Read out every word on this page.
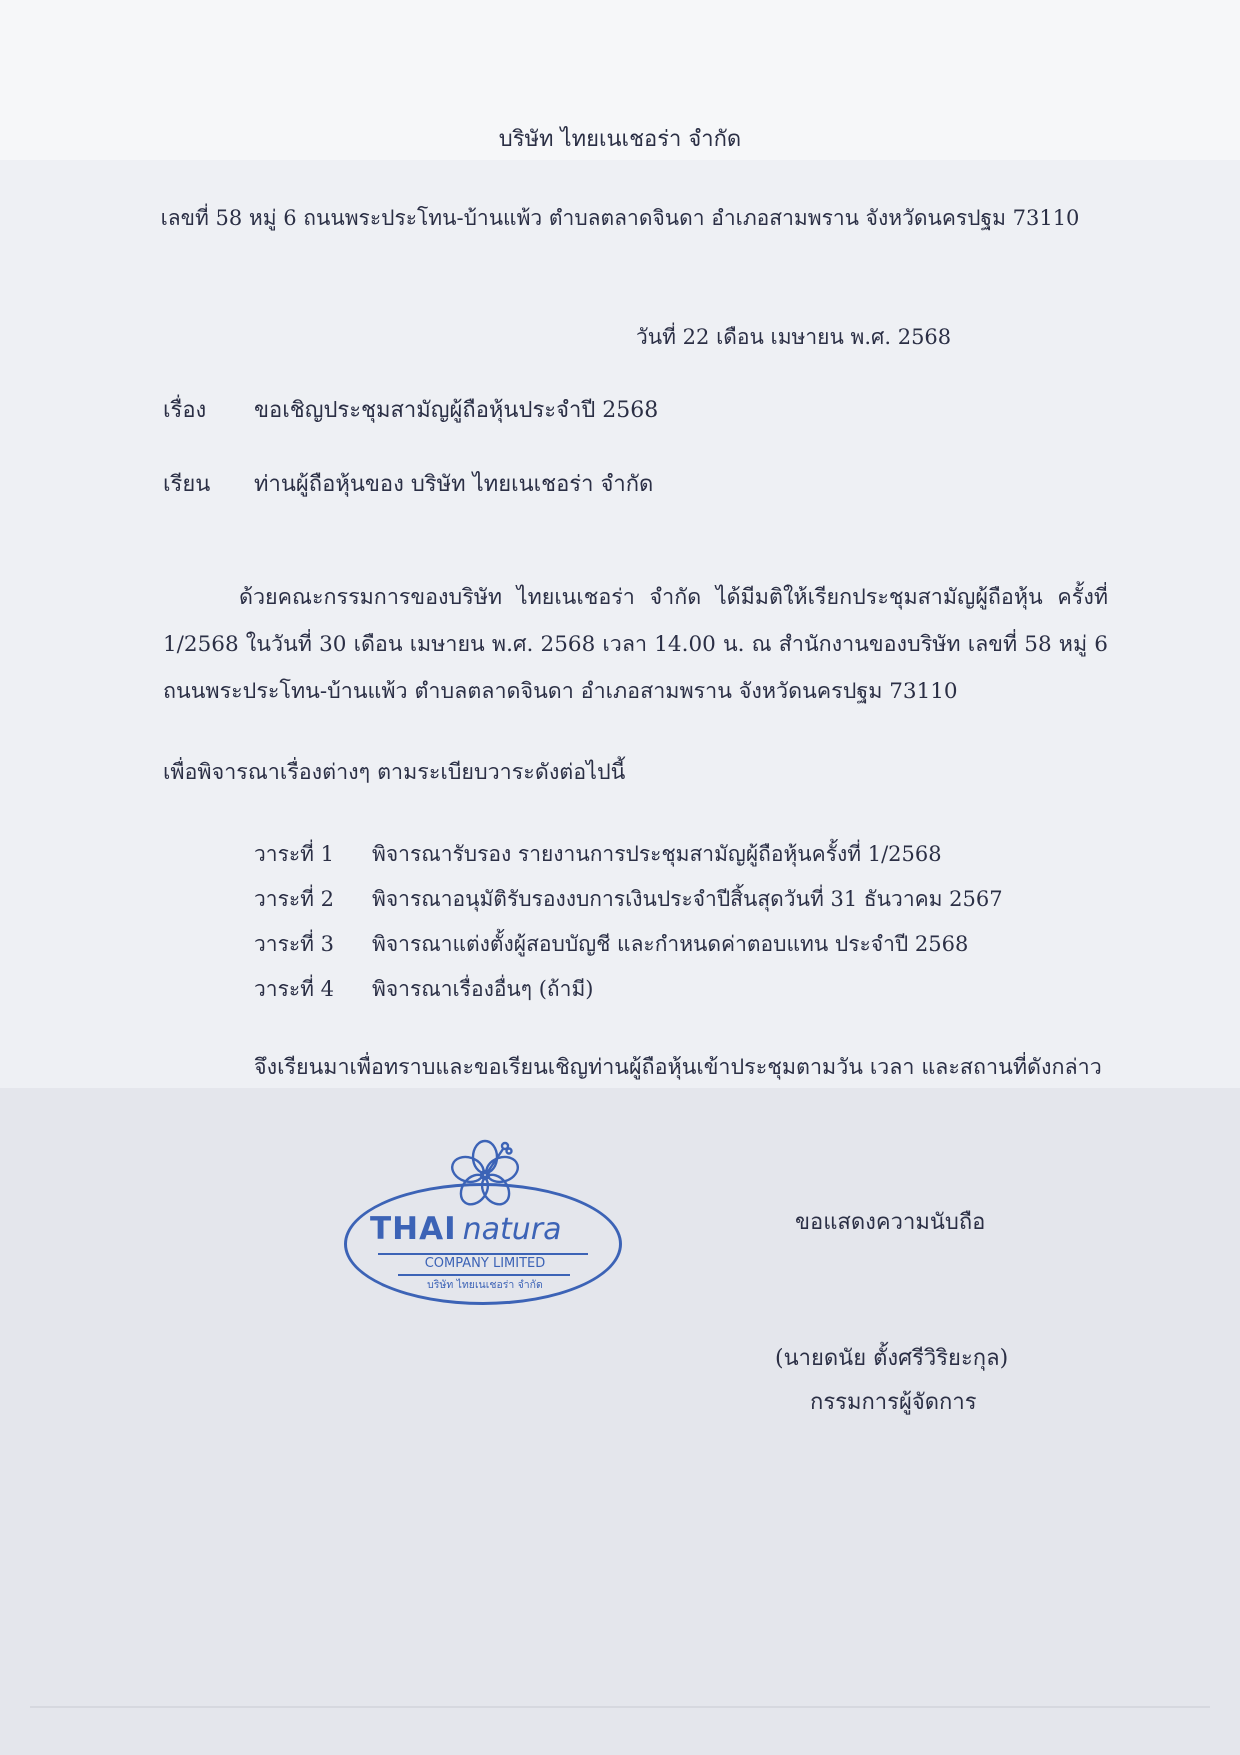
บริษัท ไทยเนเชอร่า จำกัด
เลขที่ 58 หมู่ 6 ถนนพระประโทน-บ้านแพ้ว ตำบลตลาดจินดา อำเภอสามพราน จังหวัดนครปฐม 73110
วันที่ 22 เดือน เมษายน พ.ศ. 2568
เรื่อง ขอเชิญประชุมสามัญผู้ถือหุ้นประจำปี 2568
เรียน ท่านผู้ถือหุ้นของ บริษัท ไทยเนเชอร่า จำกัด
ด้วยคณะกรรมการของบริษัท ไทยเนเชอร่า จำกัด ได้มีมติให้เรียกประชุมสามัญผู้ถือหุ้น ครั้งที่ 1/2568 ในวันที่ 30 เดือน เมษายน พ.ศ. 2568 เวลา 14.00 น. ณ สำนักงานของบริษัท เลขที่ 58 หมู่ 6 ถนนพระประโทน-บ้านแพ้ว ตำบลตลาดจินดา อำเภอสามพราน จังหวัดนครปฐม 73110
เพื่อพิจารณาเรื่องต่างๆ ตามระเบียบวาระดังต่อไปนี้
วาระที่ 1	พิจารณารับรอง รายงานการประชุมสามัญผู้ถือหุ้นครั้งที่ 1/2568
วาระที่ 2	พิจารณาอนุมัติรับรองงบการเงินประจำปีสิ้นสุดวันที่ 31 ธันวาคม 2567
วาระที่ 3	พิจารณาแต่งตั้งผู้สอบบัญชี และกำหนดค่าตอบแทน ประจำปี 2568
วาระที่ 4	พิจารณาเรื่องอื่นๆ (ถ้ามี)
จึงเรียนมาเพื่อทราบและขอเรียนเชิญท่านผู้ถือหุ้นเข้าประชุมตามวัน เวลา และสถานที่ดังกล่าว
THAI natura
COMPANY LIMITED
บริษัท ไทยเนเชอร่า จำกัด
ขอแสดงความนับถือ
(นายดนัย ตั้งศรีวิริยะกุล)
กรรมการผู้จัดการ
